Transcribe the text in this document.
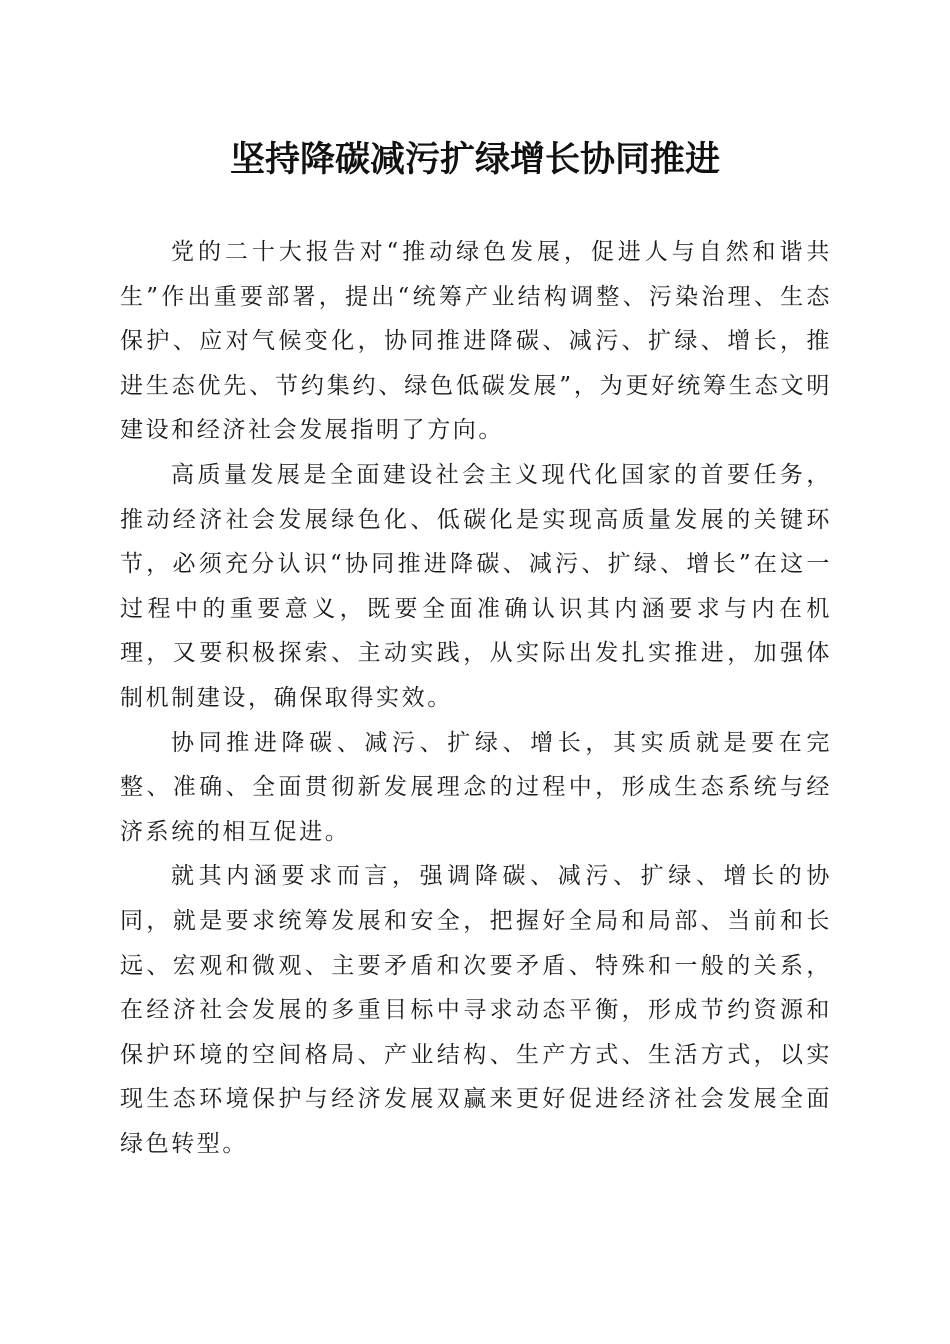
坚持降碳减污扩绿增长协同推进

党的二十大报告对“推动绿色发展，促进人与自然和谐共生”作出重要部署，提出“统筹产业结构调整、污染治理、生态保护、应对气候变化，协同推进降碳、减污、扩绿、增长，推进生态优先、节约集约、绿色低碳发展”，为更好统筹生态文明建设和经济社会发展指明了方向。

高质量发展是全面建设社会主义现代化国家的首要任务，推动经济社会发展绿色化、低碳化是实现高质量发展的关键环节，必须充分认识“协同推进降碳、减污、扩绿、增长”在这一过程中的重要意义，既要全面准确认识其内涵要求与内在机理，又要积极探索、主动实践，从实际出发扎实推进，加强体制机制建设，确保取得实效。

协同推进降碳、减污、扩绿、增长，其实质就是要在完整、准确、全面贯彻新发展理念的过程中，形成生态系统与经济系统的相互促进。

就其内涵要求而言，强调降碳、减污、扩绿、增长的协同，就是要求统筹发展和安全，把握好全局和局部、当前和长远、宏观和微观、主要矛盾和次要矛盾、特殊和一般的关系，在经济社会发展的多重目标中寻求动态平衡，形成节约资源和保护环境的空间格局、产业结构、生产方式、生活方式，以实现生态环境保护与经济发展双赢来更好促进经济社会发展全面绿色转型。
